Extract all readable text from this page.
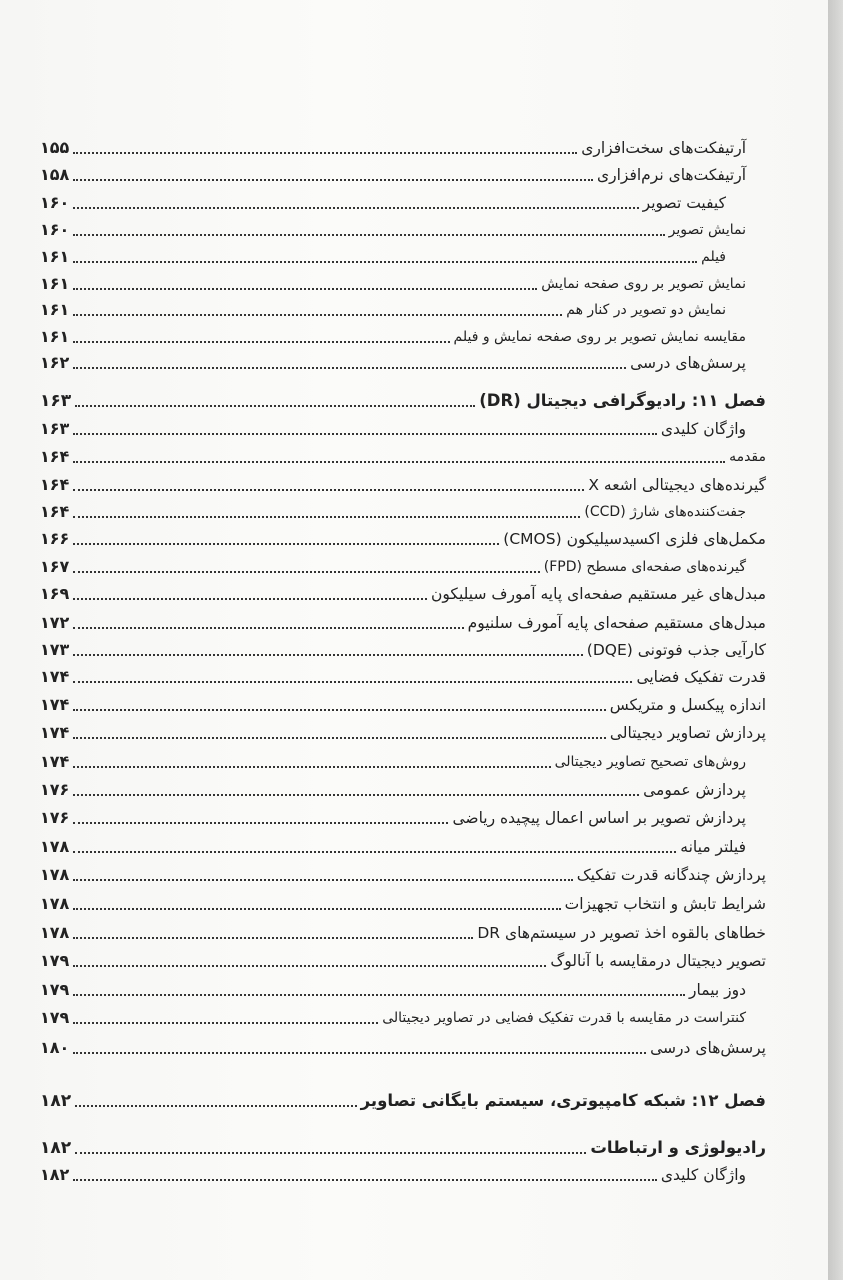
آرتیفکت‌های سخت‌افزاری
۱۵۵
آرتیفکت‌های نرم‌افزاری
۱۵۸
کیفیت تصویر
۱۶۰
نمایش تصویر
۱۶۰
فیلم
۱۶۱
نمایش تصویر بر روی صفحه نمایش
۱۶۱
نمایش دو تصویر در کنار هم
۱۶۱
مقایسه نمایش تصویر بر روی صفحه نمایش و فیلم
۱۶۱
پرسش‌های درسی
۱۶۲
فصل ۱۱: رادیوگرافی دیجیتال (DR)
۱۶۳
واژگان کلیدی
۱۶۳
مقدمه
۱۶۴
گیرنده‌های دیجیتالی اشعه X
۱۶۴
جفت‌کننده‌های شارژ (CCD)
۱۶۴
مکمل‌های فلزی اکسیدسیلیکون (CMOS)
۱۶۶
گیرنده‌های صفحه‌ای مسطح (FPD)
۱۶۷
مبدل‌های غیر مستقیم صفحه‌ای پایه آمورف سیلیکون
۱۶۹
مبدل‌های مستقیم صفحه‌ای پایه آمورف سلنیوم
۱۷۲
کارآیی جذب فوتونی (DQE)
۱۷۳
قدرت تفکیک فضایی
۱۷۴
اندازه پیکسل و متریکس
۱۷۴
پردازش تصاویر دیجیتالی
۱۷۴
روش‌های تصحیح تصاویر دیجیتالی
۱۷۴
پردازش عمومی
۱۷۶
پردازش تصویر بر اساس اعمال پیچیده ریاضی
۱۷۶
فیلتر میانه
۱۷۸
پردازش چندگانه قدرت تفکیک
۱۷۸
شرایط تابش و انتخاب تجهیزات
۱۷۸
خطاهای بالقوه اخذ تصویر در سیستم‌های DR
۱۷۸
تصویر دیجیتال درمقایسه با آنالوگ
۱۷۹
دوز بیمار
۱۷۹
کنتراست در مقایسه با قدرت تفکیک فضایی در تصاویر دیجیتالی
۱۷۹
پرسش‌های درسی
۱۸۰
فصل ۱۲: شبکه کامپیوتری، سیستم بایگانی تصاویر
۱۸۲
رادیولوژی و ارتباطات
۱۸۲
واژگان کلیدی
۱۸۲
